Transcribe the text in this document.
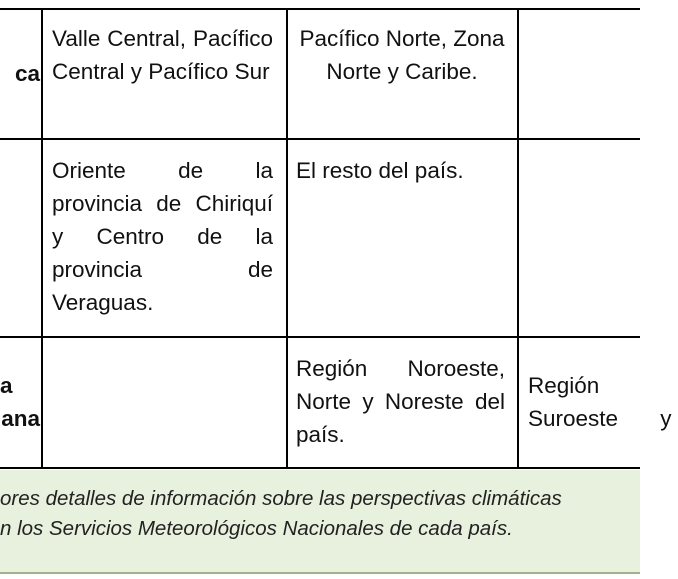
ca
Valle Central, Pacífico Central y Pacífico Sur
Pacífico Norte, Zona Norte y Caribe.
Oriente de la provincia de Chiriquí y Centro de la provincia de Veraguas.
El resto del país.
a
ana
Región Noroeste, Norte y Noreste del país.
Región Suroeste y
ores detalles de información sobre las perspectivas climáticas
n los Servicios Meteorológicos Nacionales de cada país.
